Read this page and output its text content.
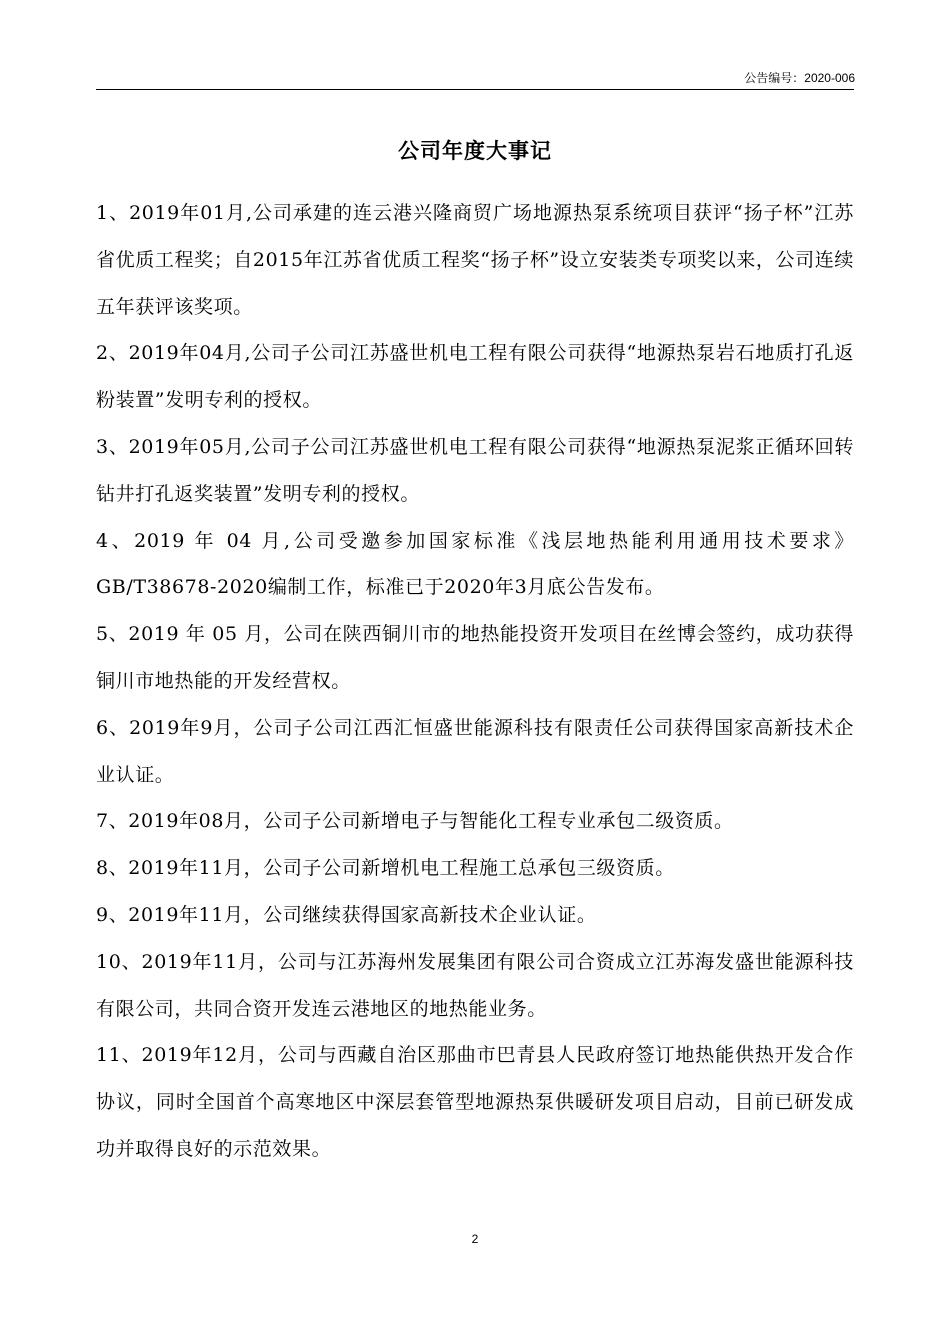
公告编号：2020-006
公司年度大事记
1、2019年01月,公司承建的连云港兴隆商贸广场地源热泵系统项目获评“扬子杯”江苏省优质工程奖；自2015年江苏省优质工程奖“扬子杯”设立安装类专项奖以来，公司连续五年获评该奖项。
2、2019年04月,公司子公司江苏盛世机电工程有限公司获得“地源热泵岩石地质打孔返粉装置”发明专利的授权。
3、2019年05月,公司子公司江苏盛世机电工程有限公司获得“地源热泵泥浆正循环回转钻井打孔返奖装置”发明专利的授权。
4、2019 年 04 月,公司受邀参加国家标准《浅层地热能利用通用技术要求》GB/T38678-2020编制工作，标准已于2020年3月底公告发布。
5、2019 年 05 月，公司在陕西铜川市的地热能投资开发项目在丝博会签约，成功获得铜川市地热能的开发经营权。
6、2019年9月，公司子公司江西汇恒盛世能源科技有限责任公司获得国家高新技术企业认证。
7、2019年08月，公司子公司新增电子与智能化工程专业承包二级资质。
8、2019年11月，公司子公司新增机电工程施工总承包三级资质。
9、2019年11月，公司继续获得国家高新技术企业认证。
10、2019年11月，公司与江苏海州发展集团有限公司合资成立江苏海发盛世能源科技有限公司，共同合资开发连云港地区的地热能业务。
11、2019年12月，公司与西藏自治区那曲市巴青县人民政府签订地热能供热开发合作协议，同时全国首个高寒地区中深层套管型地源热泵供暖研发项目启动，目前已研发成功并取得良好的示范效果。
2
